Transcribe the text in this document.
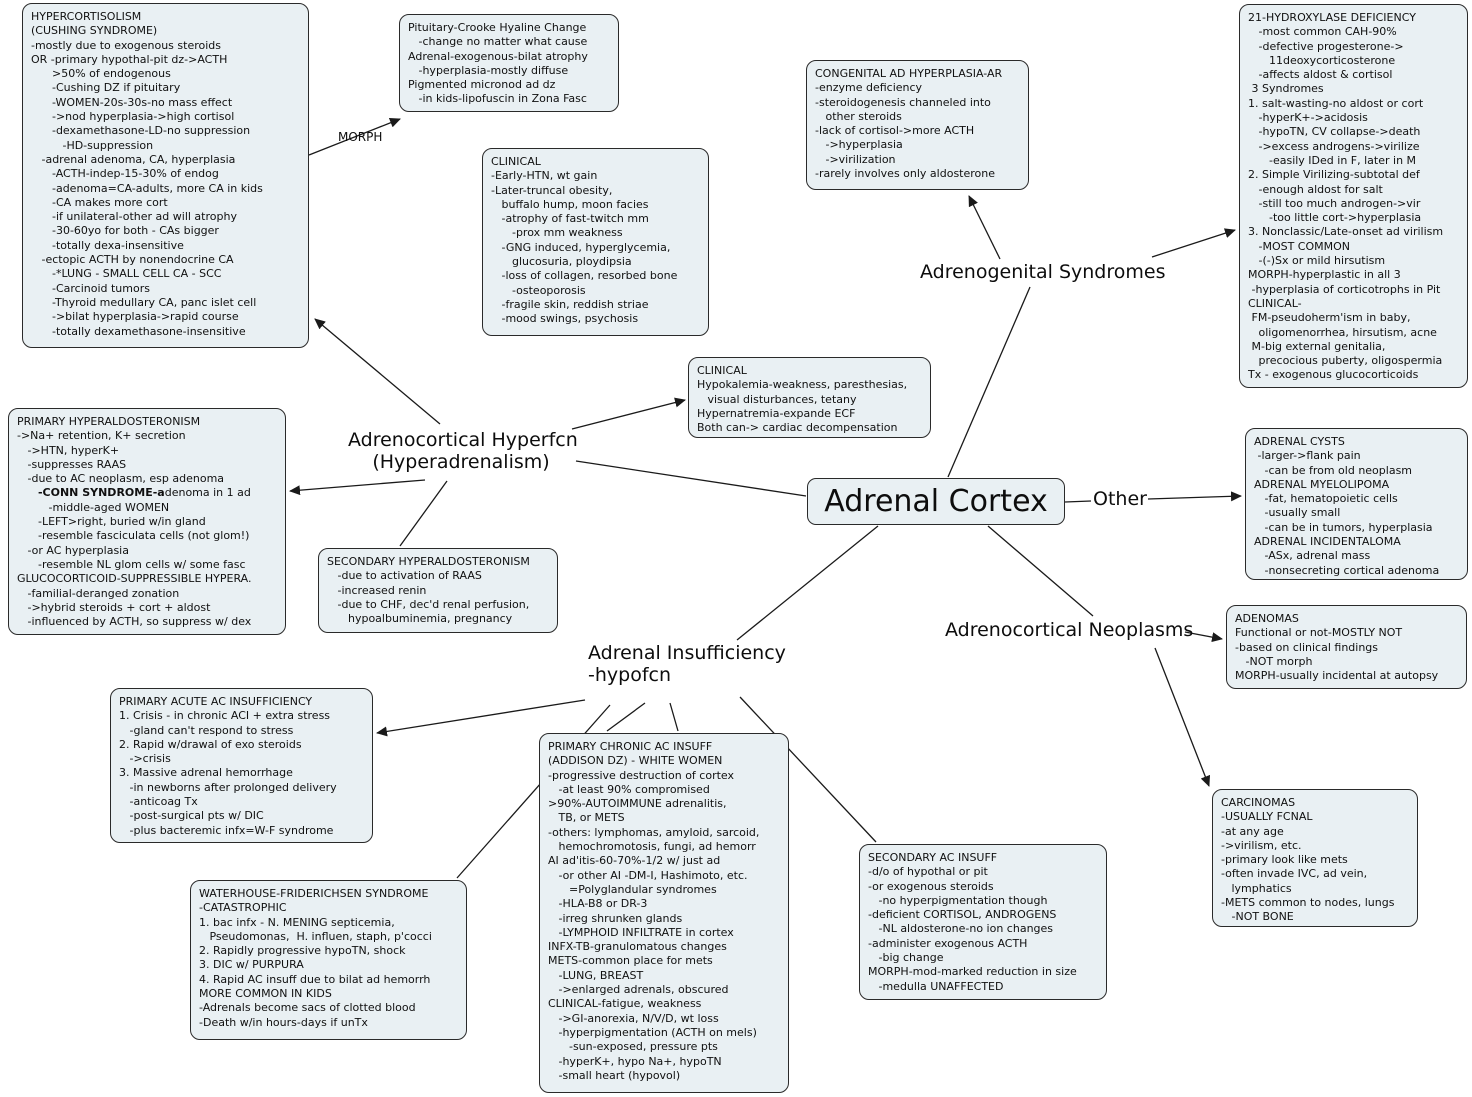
Adrenal Cortex
HYPERCORTISOLISM
(CUSHING SYNDROME)
-mostly due to exogenous steroids
OR -primary hypothal-pit dz->ACTH
>50% of endogenous
-Cushing DZ if pituitary
-WOMEN-20s-30s-no mass effect
->nod hyperplasia->high cortisol
-dexamethasone-LD-no suppression
-HD-suppression
-adrenal adenoma, CA, hyperplasia
-ACTH-indep-15-30% of endog
-adenoma=CA-adults, more CA in kids
-CA makes more cort
-if unilateral-other ad will atrophy
-30-60yo for both - CAs bigger
-totally dexa-insensitive
-ectopic ACTH by nonendocrine CA
-*LUNG - SMALL CELL CA - SCC
-Carcinoid tumors
-Thyroid medullary CA, panc islet cell
->bilat hyperplasia->rapid course
-totally dexamethasone-insensitive
Pituitary-Crooke Hyaline Change
-change no matter what cause
Adrenal-exogenous-bilat atrophy
-hyperplasia-mostly diffuse
Pigmented micronod ad dz
-in kids-lipofuscin in Zona Fasc
CLINICAL
-Early-HTN, wt gain
-Later-truncal obesity,
buffalo hump, moon facies
-atrophy of fast-twitch mm
-prox mm weakness
-GNG induced, hyperglycemia,
glucosuria, ploydipsia
-loss of collagen, resorbed bone
-osteoporosis
-fragile skin, reddish striae
-mood swings, psychosis
CONGENITAL AD HYPERPLASIA-AR
-enzyme deficiency
-steroidogenesis channeled into
other steroids
-lack of cortisol->more ACTH
->hyperplasia
->virilization
-rarely involves only aldosterone
21-HYDROXYLASE DEFICIENCY
-most common CAH-90%
-defective progesterone->
11deoxycorticosterone
-affects aldost & cortisol
3 Syndromes
1. salt-wasting-no aldost or cort
-hyperK+->acidosis
-hypoTN, CV collapse->death
->excess androgens->virilize
-easily IDed in F, later in M
2. Simple Virilizing-subtotal def
-enough aldost for salt
-still too much androgen->vir
-too little cort->hyperplasia
3. Nonclassic/Late-onset ad virilism
-MOST COMMON
-(-)Sx or mild hirsutism
MORPH-hyperplastic in all 3
-hyperplasia of corticotrophs in Pit
CLINICAL-
FM-pseudoherm'ism in baby,
oligomenorrhea, hirsutism, acne
M-big external genitalia,
precocious puberty, oligospermia
Tx - exogenous glucocorticoids
PRIMARY HYPERALDOSTERONISM
->Na+ retention, K+ secretion
->HTN, hyperK+
-suppresses RAAS
-due to AC neoplasm, esp adenoma
-CONN SYNDROME-adenoma in 1 ad
-middle-aged WOMEN
-LEFT>right, buried w/in gland
-resemble fasciculata cells (not glom!)
-or AC hyperplasia
-resemble NL glom cells w/ some fasc
GLUCOCORTICOID-SUPPRESSIBLE HYPERA.
-familial-deranged zonation
->hybrid steroids + cort + aldost
-influenced by ACTH, so suppress w/ dex
CLINICAL
Hypokalemia-weakness, paresthesias,
visual disturbances, tetany
Hypernatremia-expande ECF
Both can-> cardiac decompensation
SECONDARY HYPERALDOSTERONISM
-due to activation of RAAS
-increased renin
-due to CHF, dec'd renal perfusion,
hypoalbuminemia, pregnancy
ADRENAL CYSTS
-larger->flank pain
-can be from old neoplasm
ADRENAL MYELOLIPOMA
-fat, hematopoietic cells
-usually small
-can be in tumors, hyperplasia
ADRENAL INCIDENTALOMA
-ASx, adrenal mass
-nonsecreting cortical adenoma
ADENOMAS
Functional or not-MOSTLY NOT
-based on clinical findings
-NOT morph
MORPH-usually incidental at autopsy
PRIMARY ACUTE AC INSUFFICIENCY
1. Crisis - in chronic ACI + extra stress
-gland can't respond to stress
2. Rapid w/drawal of exo steroids
->crisis
3. Massive adrenal hemorrhage
-in newborns after prolonged delivery
-anticoag Tx
-post-surgical pts w/ DIC
-plus bacteremic infx=W-F syndrome
WATERHOUSE-FRIDERICHSEN SYNDROME
-CATASTROPHIC
1. bac infx - N. MENING septicemia,
Pseudomonas,  H. influen, staph, p'cocci
2. Rapidly progressive hypoTN, shock
3. DIC w/ PURPURA
4. Rapid AC insuff due to bilat ad hemorrh
MORE COMMON IN KIDS
-Adrenals become sacs of clotted blood
-Death w/in hours-days if unTx
PRIMARY CHRONIC AC INSUFF
(ADDISON DZ) - WHITE WOMEN
-progressive destruction of cortex
-at least 90% compromised
>90%-AUTOIMMUNE adrenalitis,
TB, or METS
-others: lymphomas, amyloid, sarcoid,
hemochromotosis, fungi, ad hemorr
AI ad'itis-60-70%-1/2 w/ just ad
-or other AI -DM-I, Hashimoto, etc.
=Polyglandular syndromes
-HLA-B8 or DR-3
-irreg shrunken glands
-LYMPHOID INFILTRATE in cortex
INFX-TB-granulomatous changes
METS-common place for mets
-LUNG, BREAST
->enlarged adrenals, obscured
CLINICAL-fatigue, weakness
->GI-anorexia, N/V/D, wt loss
-hyperpigmentation (ACTH on mels)
-sun-exposed, pressure pts
-hyperK+, hypo Na+, hypoTN
-small heart (hypovol)
SECONDARY AC INSUFF
-d/o of hypothal or pit
-or exogenous steroids
-no hyperpigmentation though
-deficient CORTISOL, ANDROGENS
-NL aldosterone-no ion changes
-administer exogenous ACTH
-big change
MORPH-mod-marked reduction in size
-medulla UNAFFECTED
CARCINOMAS
-USUALLY FCNAL
-at any age
->virilism, etc.
-primary look like mets
-often invade IVC, ad vein,
lymphatics
-METS common to nodes, lungs
-NOT BONE
MORPH
Adrenocortical Hyperfcn
(Hyperadrenalism)
Adrenogenital Syndromes
Other
Adrenocortical Neoplasms
Adrenal Insufficiency
-hypofcn
